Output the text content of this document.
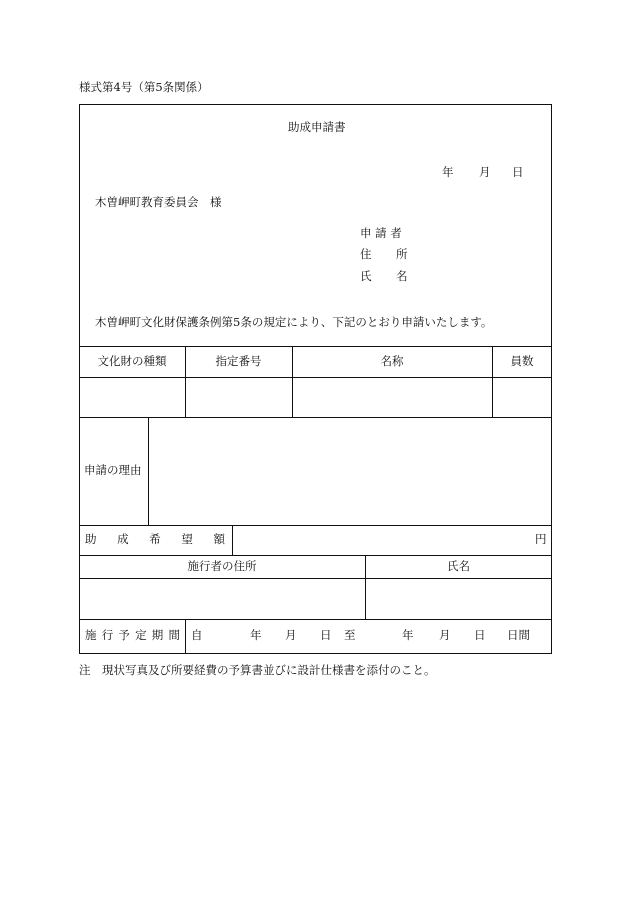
様式第4号（第5条関係）
助成申請書
年 月 日
木曽岬町教育委員会　様
申 請 者
住 所
氏 名
木曽岬町文化財保護条例第5条の規定により、下記のとおり申請いたします。
文化財の種類	指定番号	名称	員数
申請の理由
助 成 希 望 額	円
施行者の住所	氏名
施 行 予 定 期 間 自	年 月 日 至	年 月 日 日間
注　現状写真及び所要経費の予算書並びに設計仕様書を添付のこと。
